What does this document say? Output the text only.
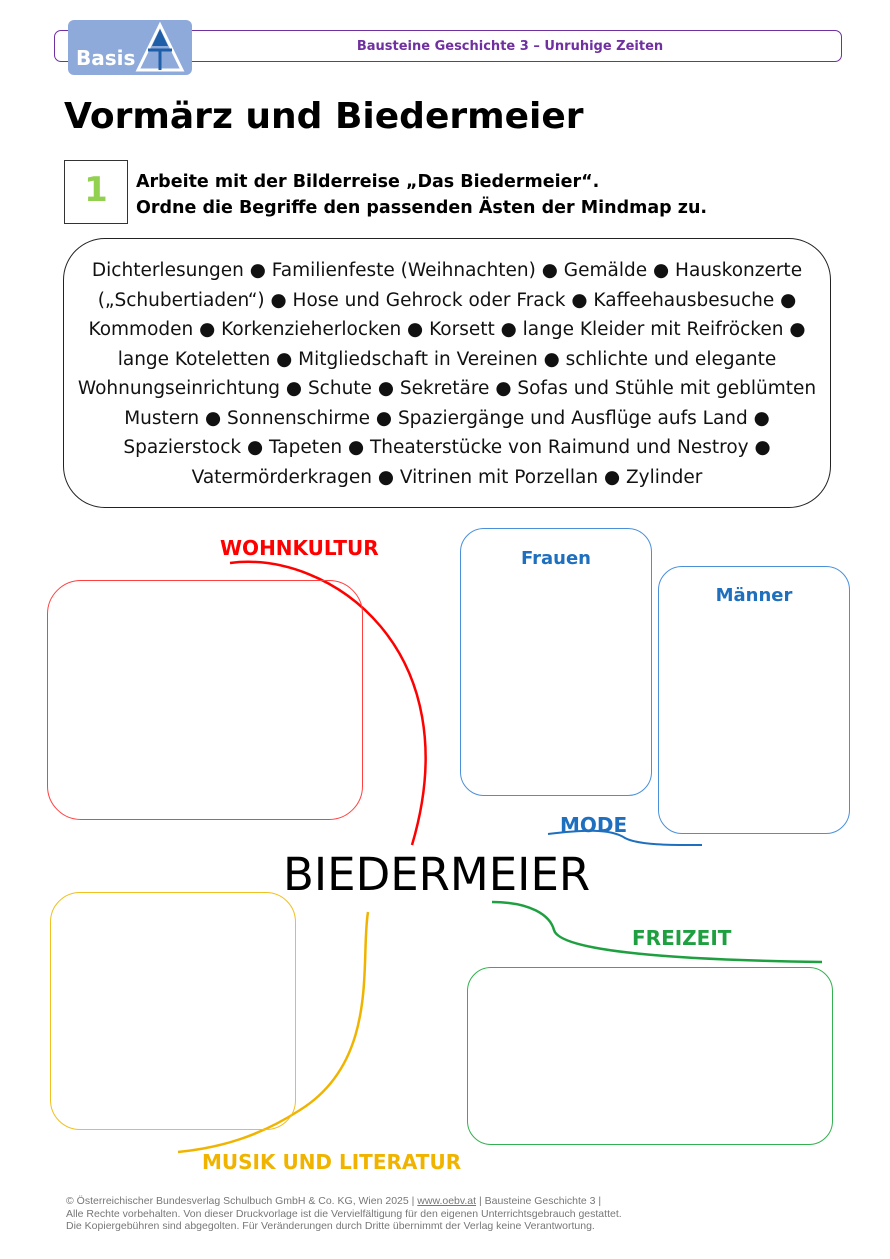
Bausteine Geschichte 3 – Unruhige Zeiten
Basis
Vormärz und Biedermeier
1	Arbeite mit der Bilderreise „Das Biedermeier“.
Ordne die Begriffe den passenden Ästen der Mindmap zu.
Dichterlesungen ● Familienfeste (Weihnachten) ● Gemälde ● Hauskonzerte
(„Schubertiaden“) ● Hose und Gehrock oder Frack ● Kaffeehausbesuche ●
Kommoden ● Korkenzieherlocken ● Korsett ● lange Kleider mit Reifröcken ●
lange Koteletten ● Mitgliedschaft in Vereinen ● schlichte und elegante
Wohnungseinrichtung ● Schute ● Sekretäre ● Sofas und Stühle mit geblümten
Mustern ● Sonnenschirme ● Spaziergänge und Ausflüge aufs Land ●
Spazierstock ● Tapeten ● Theaterstücke von Raimund und Nestroy ●
Vatermörderkragen ● Vitrinen mit Porzellan ● Zylinder
WOHNKULTUR
MODE
FREIZEIT
MUSIK UND LITERATUR
Frauen
Männer
BIEDERMEIER
© Österreichischer Bundesverlag Schulbuch GmbH & Co. KG, Wien 2025 | www.oebv.at | Bausteine Geschichte 3 |
Alle Rechte vorbehalten. Von dieser Druckvorlage ist die Vervielfältigung für den eigenen Unterrichtsgebrauch gestattet.
Die Kopiergebühren sind abgegolten. Für Veränderungen durch Dritte übernimmt der Verlag keine Verantwortung.
